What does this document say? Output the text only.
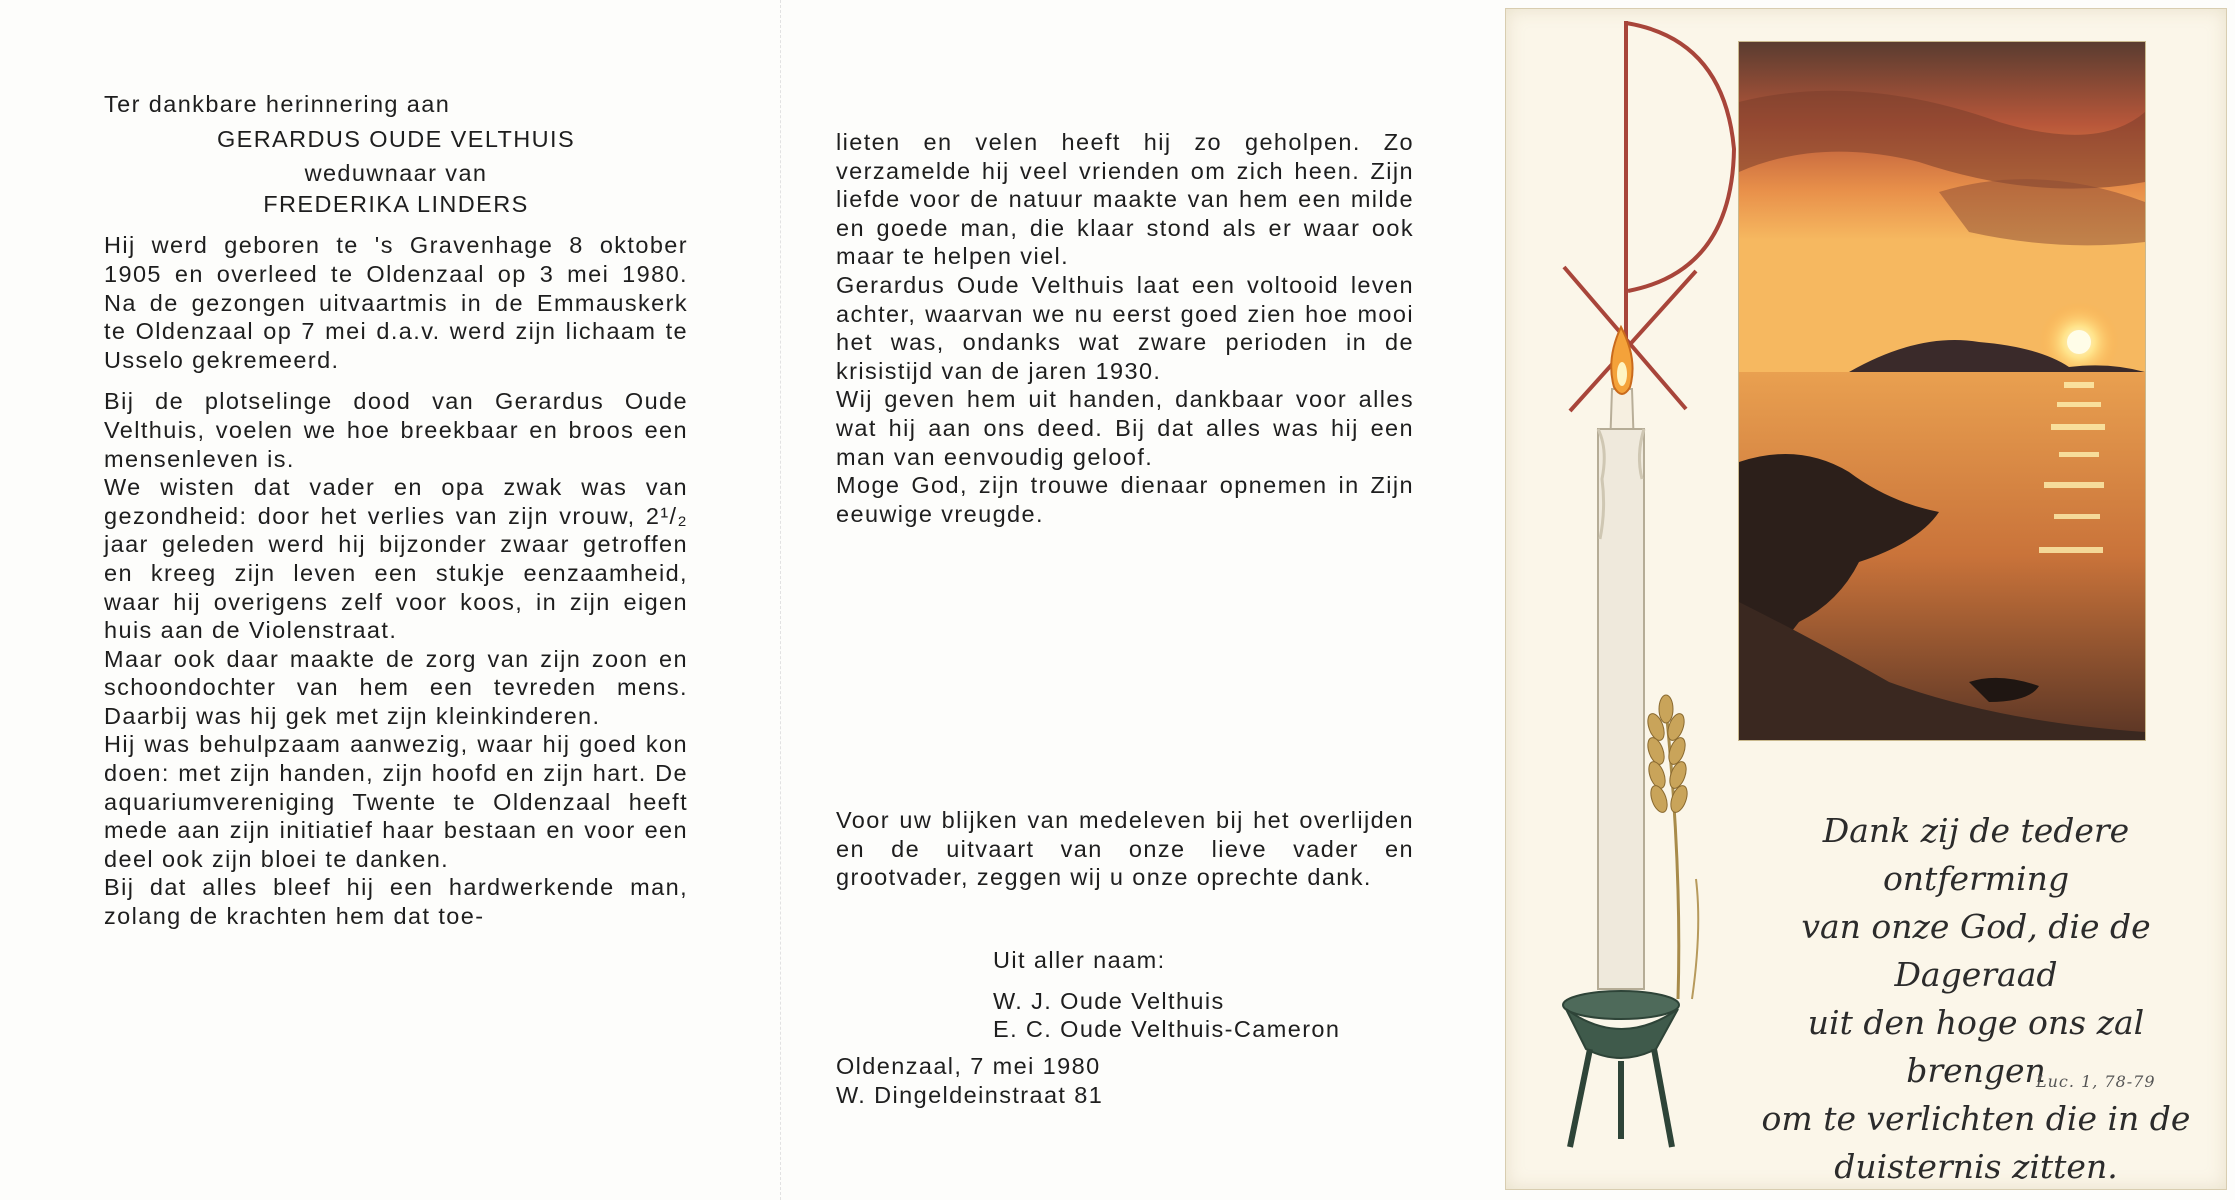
Ter dankbare herinnering aan

GERARDUS OUDE VELTHUIS

weduwnaar van

FREDERIKA LINDERS

Hij werd geboren te 's Gravenhage 8 oktober 1905 en overleed te Oldenzaal op 3 mei 1980. Na de gezongen uitvaartmis in de Emmauskerk te Oldenzaal op 7 mei d.a.v. werd zijn lichaam te Usselo gekremeerd.

Bij de plotselinge dood van Gerardus Oude Velthuis, voelen we hoe breekbaar en broos een mensenleven is.

We wisten dat vader en opa zwak was van gezondheid: door het verlies van zijn vrouw, 2¹/₂ jaar geleden werd hij bijzonder zwaar getroffen en kreeg zijn leven een stukje eenzaamheid, waar hij overigens zelf voor koos, in zijn eigen huis aan de Violenstraat.

Maar ook daar maakte de zorg van zijn zoon en schoondochter van hem een tevreden mens. Daarbij was hij gek met zijn kleinkinderen.

Hij was behulpzaam aanwezig, waar hij goed kon doen: met zijn handen, zijn hoofd en zijn hart. De aquariumvereniging Twente te Oldenzaal heeft mede aan zijn initiatief haar bestaan en voor een deel ook zijn bloei te danken.

Bij dat alles bleef hij een hardwerkende man, zolang de krachten hem dat toe-

lieten en velen heeft hij zo geholpen. Zo verzamelde hij veel vrienden om zich heen. Zijn liefde voor de natuur maakte van hem een milde en goede man, die klaar stond als er waar ook maar te helpen viel.

Gerardus Oude Velthuis laat een voltooid leven achter, waarvan we nu eerst goed zien hoe mooi het was, ondanks wat zware perioden in de krisistijd van de jaren 1930.

Wij geven hem uit handen, dankbaar voor alles wat hij aan ons deed. Bij dat alles was hij een man van eenvoudig geloof.

Moge God, zijn trouwe dienaar opnemen in Zijn eeuwige vreugde.

Voor uw blijken van medeleven bij het overlijden en de uitvaart van onze lieve vader en grootvader, zeggen wij u onze oprechte dank.

Uit aller naam:
W. J. Oude Velthuis
E. C. Oude Velthuis-Cameron
Oldenzaal, 7 mei 1980
W. Dingeldeinstraat 81
Dank zij de tedere ontferming
van onze God, die de Dageraad
uit den hoge ons zal brengen
om te verlichten die in de
duisternis zitten.
Luc. 1, 78-79
